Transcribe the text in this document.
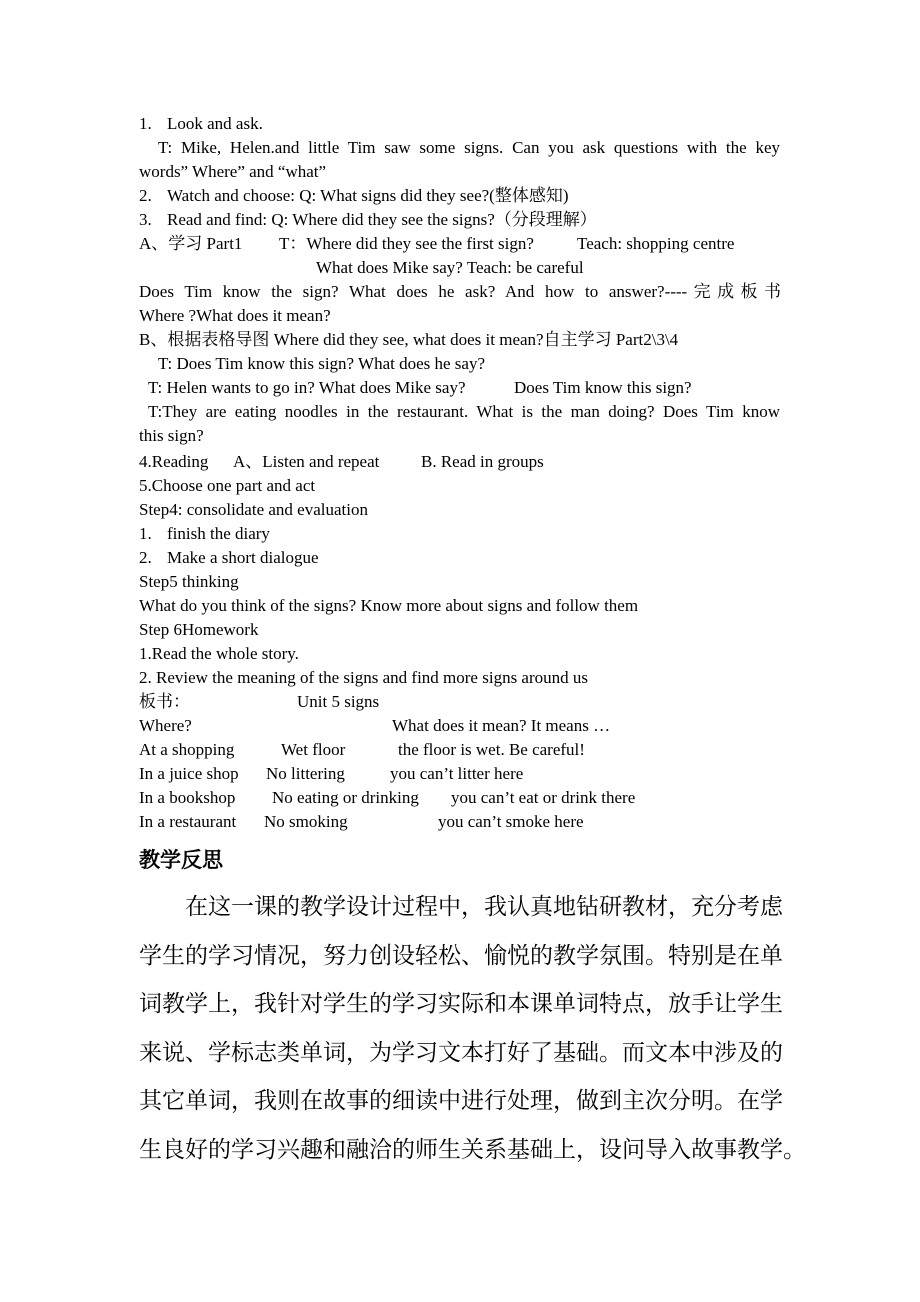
1. Look and ask.
T: Mike, Helen.and little Tim saw some signs. Can you ask questions with the key
words” Where” and “what”
2. Watch and choose: Q: What signs did they see?(整体感知)
3. Read and find: Q: Where did they see the signs?（分段理解）
A、学习 Part1 T：Where did they see the first sign?	Teach: shopping centre
What does Mike say? Teach: be careful
Does Tim know the sign? What does he ask? And how to answer?----完成板书
Where ?What does it mean?
B、根据表格导图 Where did they see, what does it mean?自主学习 Part2\3\4
T: Does Tim know this sign? What does he say?
T: Helen wants to go in? What does Mike say?	Does Tim know this sign?
T:They are eating noodles in the restaurant. What is the man doing? Does Tim know
this sign?
4.Reading A、Listen and repeat B. Read in groups
5.Choose one part and act
Step4: consolidate and evaluation
1. finish the diary
2. Make a short dialogue
Step5 thinking
What do you think of the signs? Know more about signs and follow them
Step 6Homework
1.Read the whole story.
2. Review the meaning of the signs and find more signs around us
板书：	Unit 5 signs
Where?	What does it mean? It means …
At a shopping	Wet floor	the floor is wet. Be careful!
In a juice shop No littering	you can’t litter here
In a bookshop No eating or drinking you can’t eat or drink there
In a restaurant No smoking	you can’t smoke here
教学反思
在这一课的教学设计过程中，我认真地钻研教材，充分考虑
学生的学习情况，努力创设轻松、愉悦的教学氛围。特别是在单
词教学上，我针对学生的学习实际和本课单词特点，放手让学生
来说、学标志类单词，为学习文本打好了基础。而文本中涉及的
其它单词，我则在故事的细读中进行处理，做到主次分明。在学
生良好的学习兴趣和融洽的师生关系基础上，设问导入故事教学。
